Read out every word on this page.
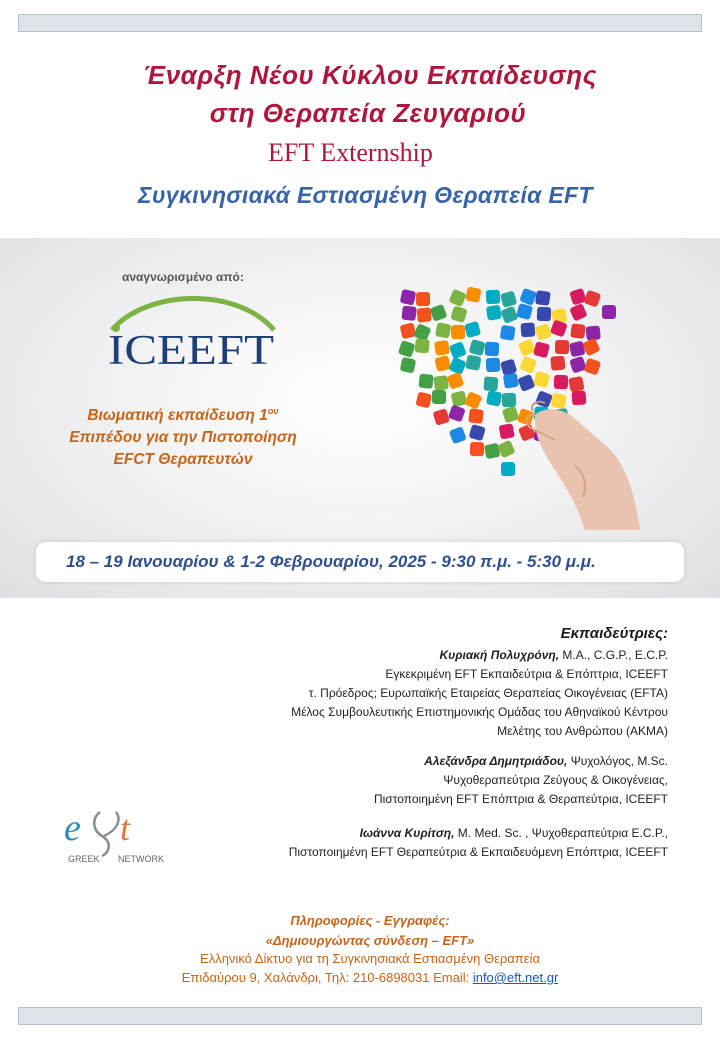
Έναρξη Νέου Κύκλου Εκπαίδευσης
στη Θεραπεία Ζευγαριού
EFT Externship
Συγκινησιακά Εστιασμένη Θεραπεία EFT
αναγνωρισμένο από:
ICEEFT
Βιωματική εκπαίδευση $1^{o\upsilon}$
Επιπέδου για την Πιστοποίηση
EFCT Θεραπευτών
18 – 19 Ιανουαρίου & 1-2 Φεβρουαρίου, 2025 - 9:30 π.μ. - 5:30 μ.μ.
Εκπαιδεύτριες:
Κυριακή Πολυχρόνη, M.A., C.G.P., E.C.P.
Εγκεκριμένη EFT Εκπαιδεύτρια & Επόπτρια, ICEEFT
τ. Πρόεδρος; Ευρωπαϊκής Εταιρείας Θεραπείας Οικογένειας (EFTA)
Μέλος Συμβουλευτικής Επιστημονικής Ομάδας του Αθηναϊκού Κέντρου
Μελέτης του Ανθρώπου (AKMA)
Αλεξάνδρα Δημητριάδου, Ψυχολόγος, M.Sc.
Ψυχοθεραπεύτρια Ζεύγους & Οικογένειας,
Πιστοποιημένη EFT Επόπτρια & Θεραπεύτρια, ICEEFT
Ιωάννα Κυρίτση, M. Med. Sc. , Ψυχοθεραπεύτρια E.C.P.,
Πιστοποιημένη EFT Θεραπεύτρια & Εκπαιδευόμενη Επόπτρια, ICEEFT
e t
GREEK NETWORK
Πληροφορίες - Εγγραφές:
«Δημιουργώντας σύνδεση – EFT»
Ελληνικό Δίκτυο για τη Συγκινησιακά Εστιασμένη Θεραπεία
Επιδαύρου 9, Χαλάνδρι, Τηλ: 210-6898031 Email: info@eft.net.gr
